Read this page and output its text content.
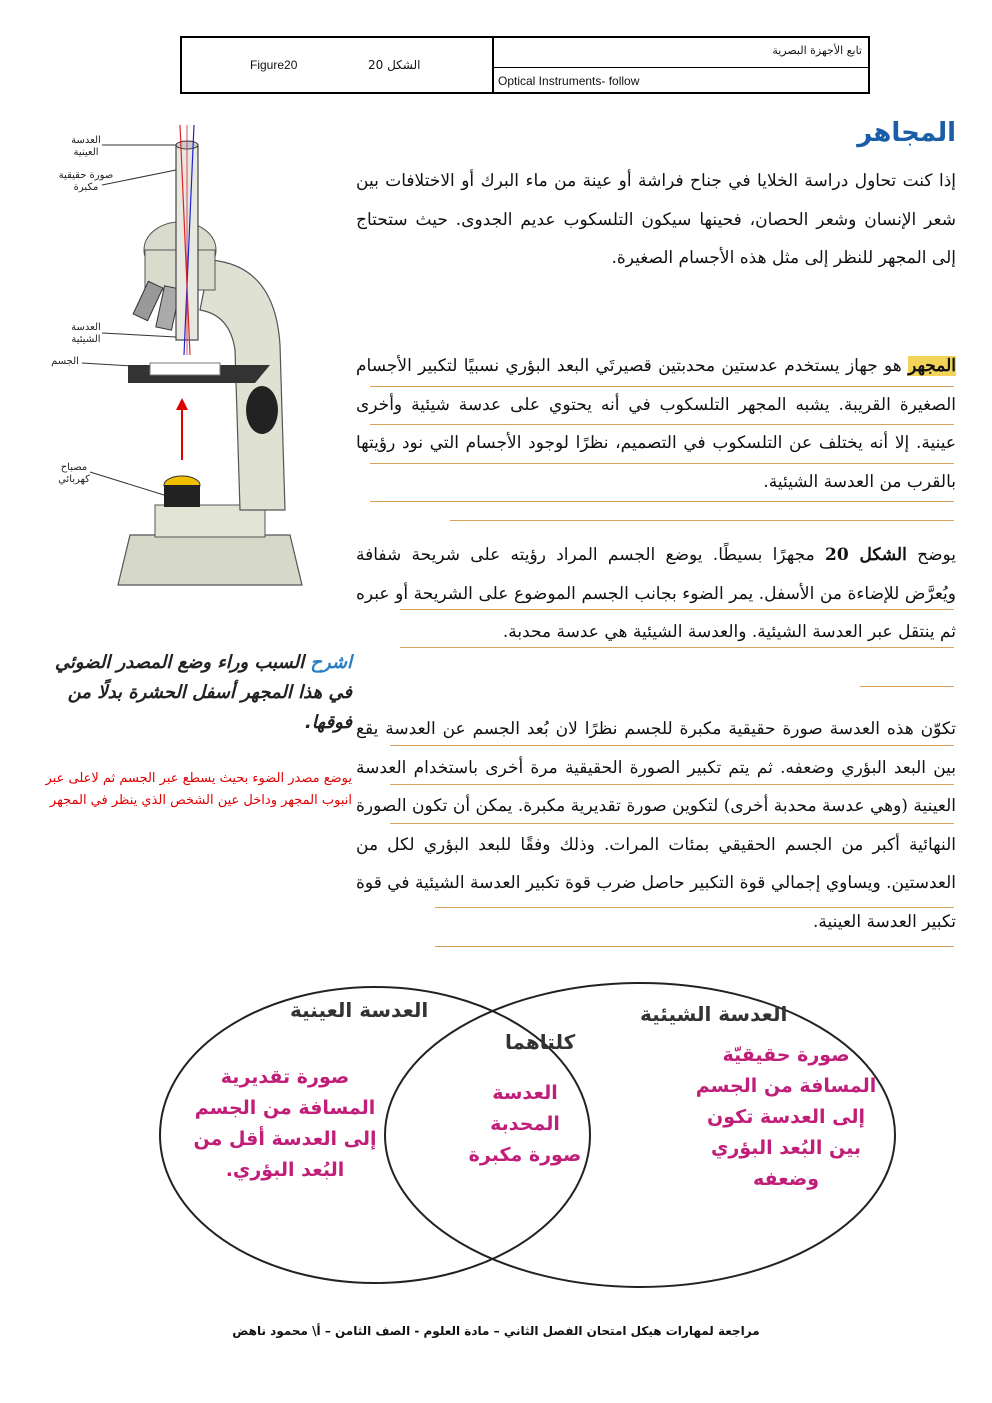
Figure20	الشكل 20
تابع الأجهزة البصرية
Optical Instruments- follow
المجاهر
إذا كنت تحاول دراسة الخلايا في جناح فراشة أو عينة من ماء البرك أو الاختلافات بين شعر الإنسان وشعر الحصان، فحينها سيكون التلسكوب عديم الجدوى. حيث ستحتاج إلى المجهر للنظر إلى مثل هذه الأجسام الصغيرة.
المجهر هو جهاز يستخدم عدستين محدبتين قصيرتَي البعد البؤري نسبيًا لتكبير الأجسام الصغيرة القريبة. يشبه المجهر التلسكوب في أنه يحتوي على عدسة شيئية وأخرى عينية. إلا أنه يختلف عن التلسكوب في التصميم، نظرًا لوجود الأجسام التي نود رؤيتها بالقرب من العدسة الشيئية.
يوضح الشكل 20 مجهرًا بسيطًا. يوضع الجسم المراد رؤيته على شريحة شفافة ويُعرَّض للإضاءة من الأسفل. يمر الضوء بجانب الجسم الموضوع على الشريحة أو عبره ثم ينتقل عبر العدسة الشيئية. والعدسة الشيئية هي عدسة محدبة.
تكوّن هذه العدسة صورة حقيقية مكبرة للجسم نظرًا لان بُعد الجسم عن العدسة يقع بين البعد البؤري وضعفه. ثم يتم تكبير الصورة الحقيقية مرة أخرى باستخدام العدسة العينية (وهي عدسة محدبة أخرى) لتكوين صورة تقديرية مكبرة. يمكن أن تكون الصورة النهائية أكبر من الجسم الحقيقي بمئات المرات. وذلك وفقًا للبعد البؤري لكل من العدستين. ويساوي إجمالي قوة التكبير حاصل ضرب قوة تكبير العدسة الشيئية في قوة تكبير العدسة العينية.
العدسة العينية
صورة حقيقية مكبرة
العدسة الشيئية
الجسم
مصباح كهربائي
اشرح السبب وراء وضع المصدر الضوئي في هذا المجهر أسفل الحشرة بدلًا من فوقها.
يوضع مصدر الضوء بحيث يسطع عبر الجسم ثم لاعلى عبر انبوب المجهر وداخل عين الشخص الذي ينظر في المجهر
العدسة العينية	العدسة الشيئية
كلتاهما
صورة تقديرية
المسافة من الجسم
إلى العدسة أقل من
البُعد البؤري.
العدسة
المحدبة
صورة مكبرة
صورة حقيقيّة
المسافة من الجسم
إلى العدسة تكون
بين البُعد البؤري
وضعفه
مراجعة لمهارات هيكل امتحان الفصل الثاني – مادة العلوم - الصف الثامن – أ\ محمود ناهض
